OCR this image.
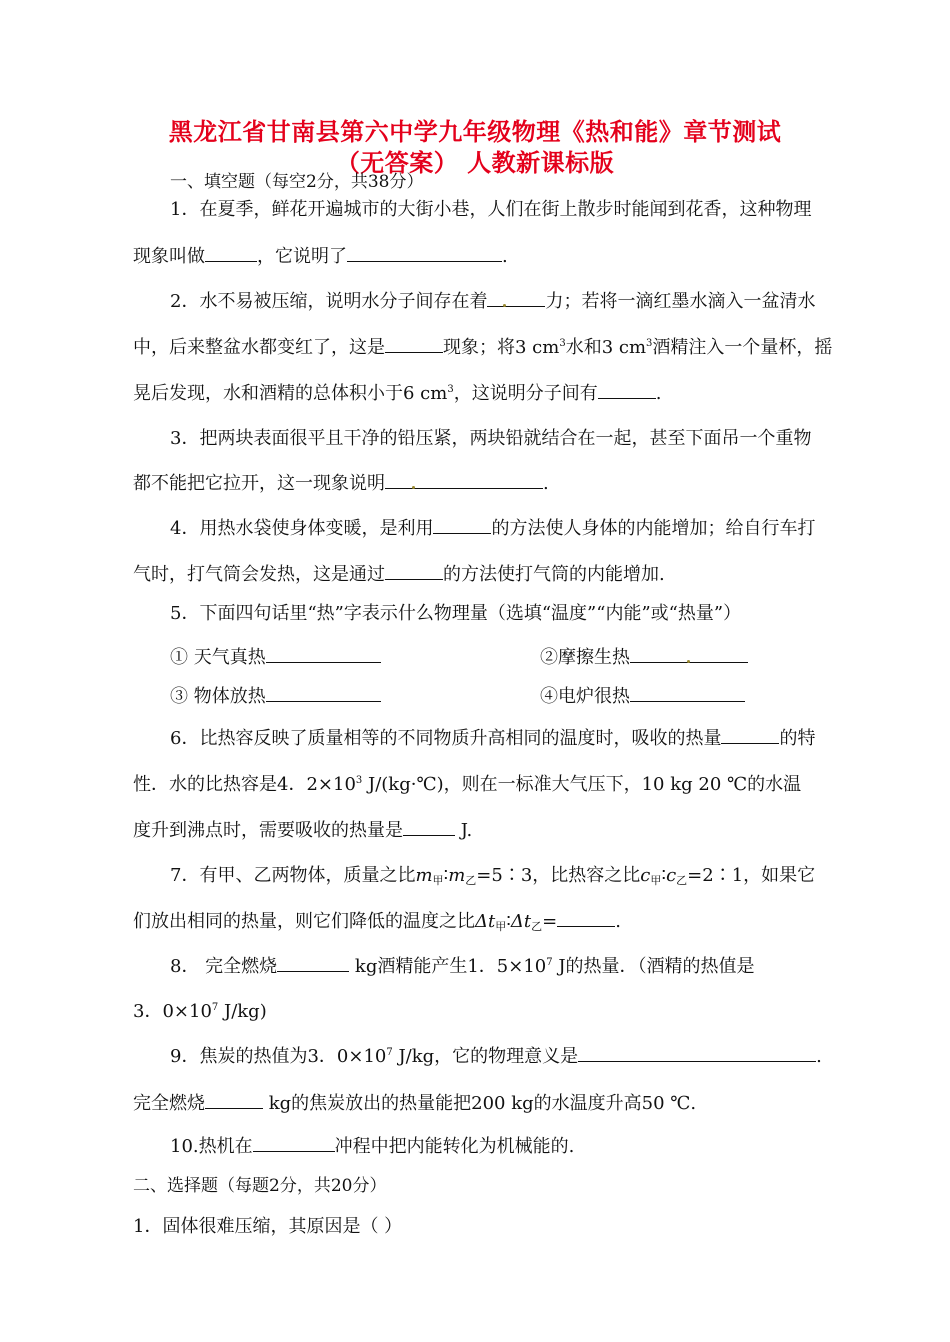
黑龙江省甘南县第六中学九年级物理《热和能》章节测试
（无答案） 人教新课标版
一、填空题（每空2分，共38分）
1．在夏季，鲜花开遍城市的大街小巷，人们在街上散步时能闻到花香，这种物理
现象叫做	，它说明了	.
2．水不易被压缩，说明水分子间存在着	力；若将一滴红墨水滴入一盆清水
中，后来整盆水都变红了，这是	现象；将3 $cm^3$水和3 $cm^3$酒精注入一个量杯，摇
晃后发现，水和酒精的总体积小于6 $cm^3$，这说明分子间有	.
3．把两块表面很平且干净的铅压紧，两块铅就结合在一起，甚至下面吊一个重物
都不能把它拉开，这一现象说明	.
4．用热水袋使身体变暖，是利用	的方法使人身体的内能增加；给自行车打
气时，打气筒会发热，这是通过	的方法使打气筒的内能增加.
5．下面四句话里“热”字表示什么物理量（选填“温度”“内能”或“热量”）
① 天气真热	②摩擦生热
③ 物体放热	④电炉很热
6．比热容反映了质量相等的不同物质升高相同的温度时，吸收的热量	的特
性．水的比热容是4．$2\times 10^3$ J/(kg·℃)，则在一标准大气压下，10 kg 20 ℃的水温
度升到沸点时，需要吸收的热量是	J.
7．有甲、乙两物体，质量之比$m_甲∶m_乙=5∶3$，比热容之比$c_甲∶c_乙=2∶1$，如果它
们放出相同的热量，则它们降低的温度之比$\Delta t_甲∶\Delta t_乙=$	.
8． 完全燃烧	kg酒精能产生1．$5\times 10^7$ J的热量．（酒精的热值是
3．$0\times 10^7$ J/kg)
9．焦炭的热值为3．$0\times 10^7$ J/kg，它的物理意义是	.
完全燃烧	kg的焦炭放出的热量能把200 kg的水温度升高50 ℃.
10.热机在	冲程中把内能转化为机械能的.
二、选择题（每题2分，共20分）
1．固体很难压缩，其原因是（ ）
